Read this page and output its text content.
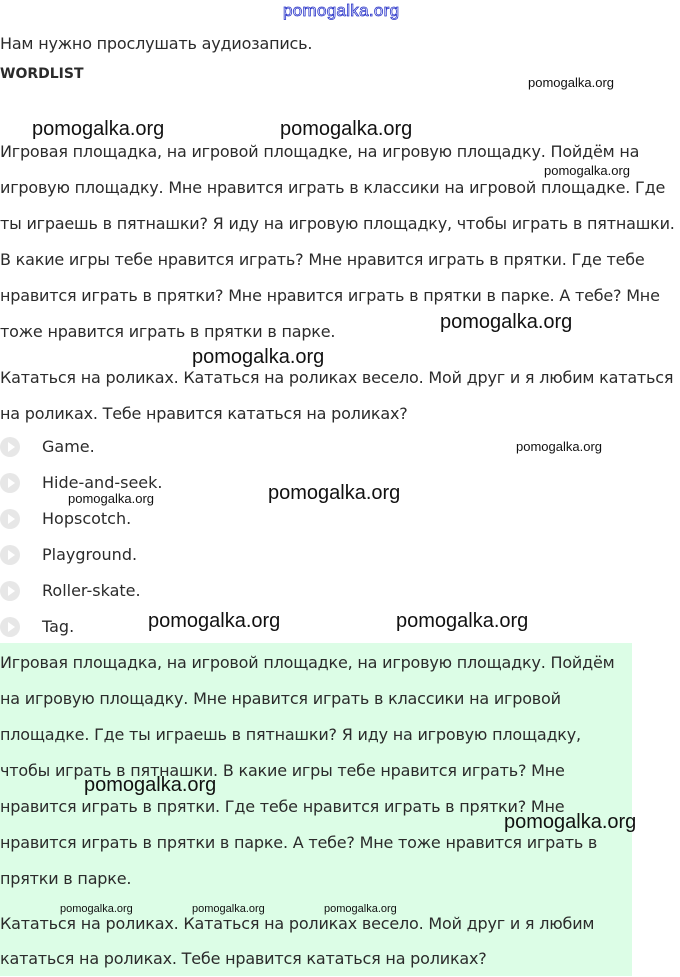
pomogalka.org

Нам нужно прослушать аудиозапись.

WORDLIST

Игровая площадка, на игровой площадке, на игровую площадку. Пойдём на

игровую площадку. Мне нравится играть в классики на игровой площадке. Где

ты играешь в пятнашки? Я иду на игровую площадку, чтобы играть в пятнашки.

В какие игры тебе нравится играть? Мне нравится играть в прятки. Где тебе

нравится играть в прятки? Мне нравится играть в прятки в парке. А тебе? Мне

тоже нравится играть в прятки в парке.

Кататься на роликах. Кататься на роликах весело. Мой друг и я любим кататься

на роликах. Тебе нравится кататься на роликах?

Game.
Hide-and-seek.
Hopscotch.
Playground.
Roller-skate.
Tag.

Игровая площадка, на игровой площадке, на игровую площадку. Пойдём

на игровую площадку. Мне нравится играть в классики на игровой

площадке. Где ты играешь в пятнашки? Я иду на игровую площадку,

чтобы играть в пятнашки. В какие игры тебе нравится играть? Мне

нравится играть в прятки. Где тебе нравится играть в прятки? Мне

нравится играть в прятки в парке. А тебе? Мне тоже нравится играть в

прятки в парке.

Кататься на роликах. Кататься на роликах весело. Мой друг и я любим

кататься на роликах. Тебе нравится кататься на роликах?

pomogalka.org
pomogalka.org	pomogalka.org
pomogalka.org
pomogalka.org
pomogalka.org
pomogalka.org
pomogalka.org
pomogalka.org
pomogalka.org	pomogalka.org
pomogalka.org
pomogalka.org
pomogalka.org	pomogalka.org	pomogalka.org
